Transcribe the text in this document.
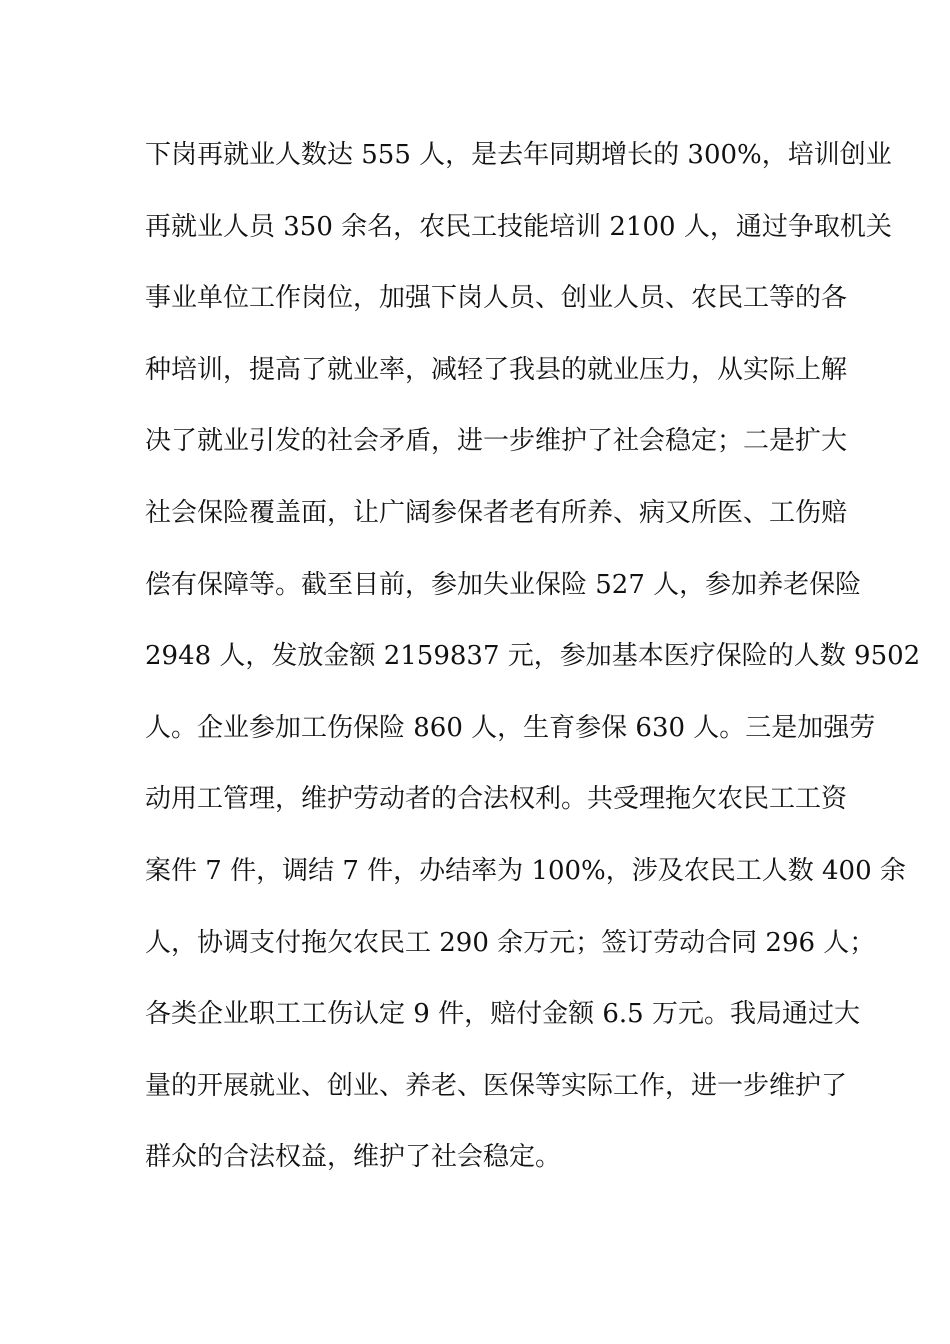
下岗再就业人数达 555 人，是去年同期增长的 300%，培训创业
再就业人员 350 余名，农民工技能培训 2100 人，通过争取机关
事业单位工作岗位，加强下岗人员、创业人员、农民工等的各
种培训，提高了就业率，减轻了我县的就业压力，从实际上解
决了就业引发的社会矛盾，进一步维护了社会稳定；二是扩大
社会保险覆盖面，让广阔参保者老有所养、病又所医、工伤赔
偿有保障等。截至目前，参加失业保险 527 人，参加养老保险
2948 人，发放金额 2159837 元，参加基本医疗保险的人数 9502
人。企业参加工伤保险 860 人，生育参保 630 人。三是加强劳
动用工管理，维护劳动者的合法权利。共受理拖欠农民工工资
案件 7 件，调结 7 件，办结率为 100%，涉及农民工人数 400 余
人，协调支付拖欠农民工 290 余万元；签订劳动合同 296 人；
各类企业职工工伤认定 9 件，赔付金额 6.5 万元。我局通过大
量的开展就业、创业、养老、医保等实际工作，进一步维护了
群众的合法权益，维护了社会稳定。
